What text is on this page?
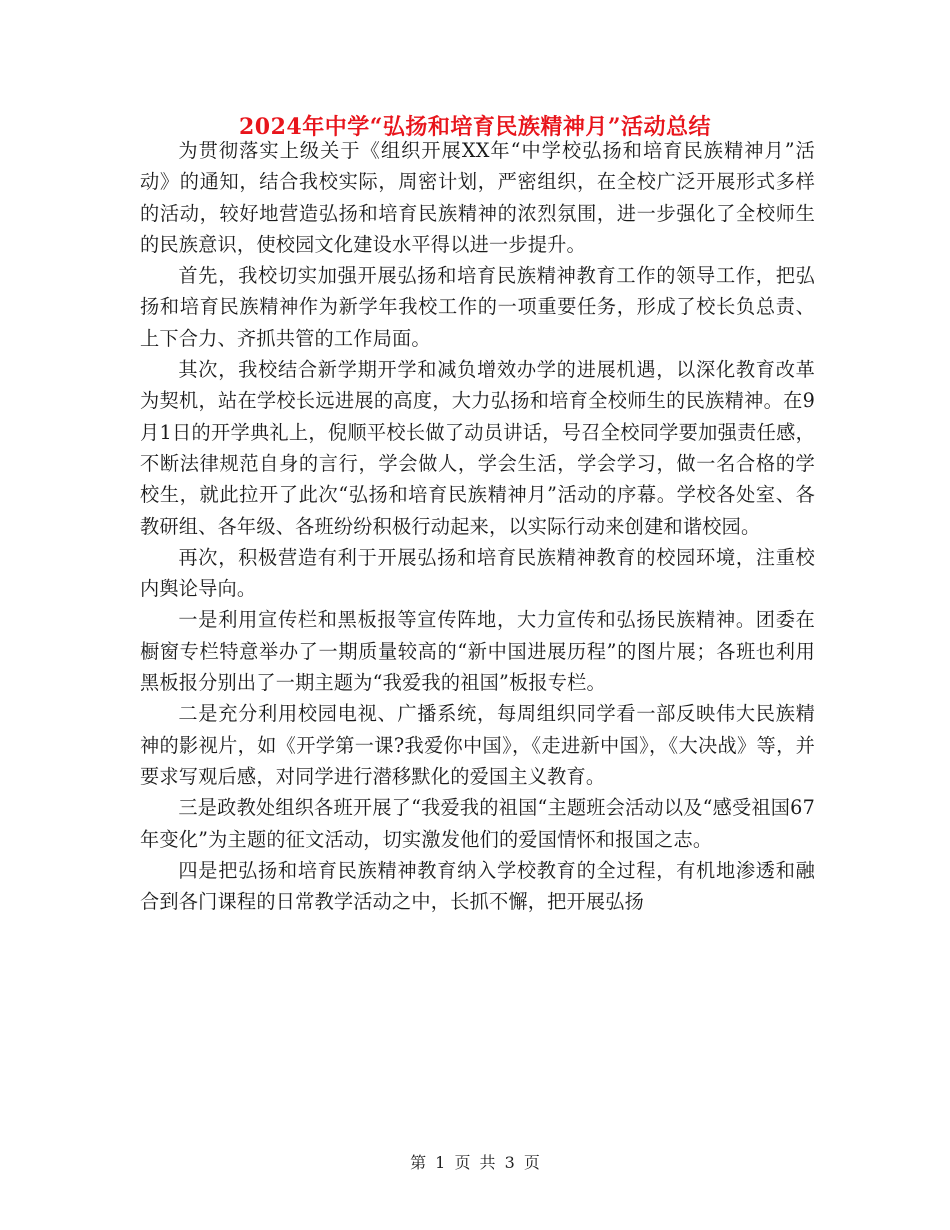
2024年中学“弘扬和培育民族精神月”活动总结

为贯彻落实上级关于《组织开展XX年“中学校弘扬和培育民族精神月”活动》的通知，结合我校实际，周密计划，严密组织，在全校广泛开展形式多样的活动，较好地营造弘扬和培育民族精神的浓烈氛围，进一步强化了全校师生的民族意识，使校园文化建设水平得以进一步提升。

首先，我校切实加强开展弘扬和培育民族精神教育工作的领导工作，把弘扬和培育民族精神作为新学年我校工作的一项重要任务，形成了校长负总责、上下合力、齐抓共管的工作局面。

其次，我校结合新学期开学和减负增效办学的进展机遇，以深化教育改革为契机，站在学校长远进展的高度，大力弘扬和培育全校师生的民族精神。在9月1日的开学典礼上，倪顺平校长做了动员讲话，号召全校同学要加强责任感，不断法律规范自身的言行，学会做人，学会生活，学会学习，做一名合格的学校生，就此拉开了此次“弘扬和培育民族精神月”活动的序幕。学校各处室、各教研组、各年级、各班纷纷积极行动起来，以实际行动来创建和谐校园。

再次，积极营造有利于开展弘扬和培育民族精神教育的校园环境，注重校内舆论导向。

一是利用宣传栏和黑板报等宣传阵地，大力宣传和弘扬民族精神。团委在橱窗专栏特意举办了一期质量较高的“新中国进展历程”的图片展；各班也利用黑板报分别出了一期主题为“我爱我的祖国”板报专栏。

二是充分利用校园电视、广播系统，每周组织同学看一部反映伟大民族精神的影视片，如《开学第一课?我爱你中国》，《走进新中国》，《大决战》等，并要求写观后感，对同学进行潜移默化的爱国主义教育。

三是政教处组织各班开展了“我爱我的祖国“主题班会活动以及“感受祖国67年变化”为主题的征文活动，切实激发他们的爱国情怀和报国之志。

四是把弘扬和培育民族精神教育纳入学校教育的全过程，有机地渗透和融合到各门课程的日常教学活动之中，长抓不懈，把开展弘扬

第 1 页 共 3 页
